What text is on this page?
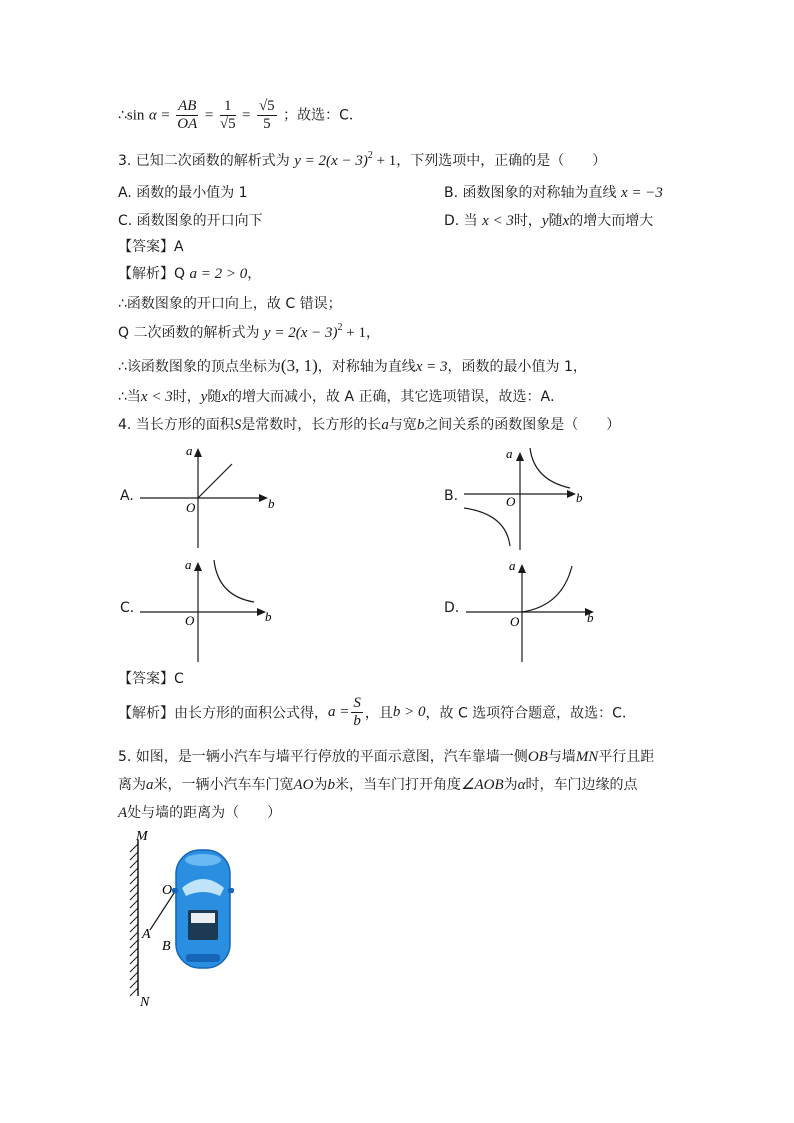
∴sin $\alpha = \frac{AB}{OA} = \frac{1}{√5} = \frac{√5}{5}$ ；故选：C．
3. 已知二次函数的解析式为 $y = 2(x - 3)^2 + 1$，下列选项中，正确的是（　　）
A. 函数的最小值为 1	B. 函数图象的对称轴为直线 x = −3
C. 函数图象的开口向下	D. 当 x < 3时，y随x的增大而增大
【答案】A
【解析】Q a = 2 > 0，
∴函数图象的开口向上，故 C 错误；
Q 二次函数的解析式为 $y = 2(x - 3)^2 + 1$，
∴该函数图象的顶点坐标为(3, 1)，对称轴为直线x = 3，函数的最小值为 1，
∴当x < 3时，y随x的增大而减小，故 A 正确，其它选项错误，故选：A．
4. 当长方形的面积S是常数时，长方形的长a与宽b之间关系的函数图象是（　　）
A.
a
b
O
B.
a
b
O
C.
a
b
O
D.
a
b
O
【答案】C
【解析】由长方形的面积公式得，$a = \frac{S}{b}$ ，且b > 0，故 C 选项符合题意，故选：C．
5. 如图，是一辆小汽车与墙平行停放的平面示意图，汽车靠墙一侧OB与墙MN平行且距
离为a米，一辆小汽车车门宽AO为b米，当车门打开角度∠AOB为α时，车门边缘的点
A处与墙的距离为（　　）
M
N
O
A
B
